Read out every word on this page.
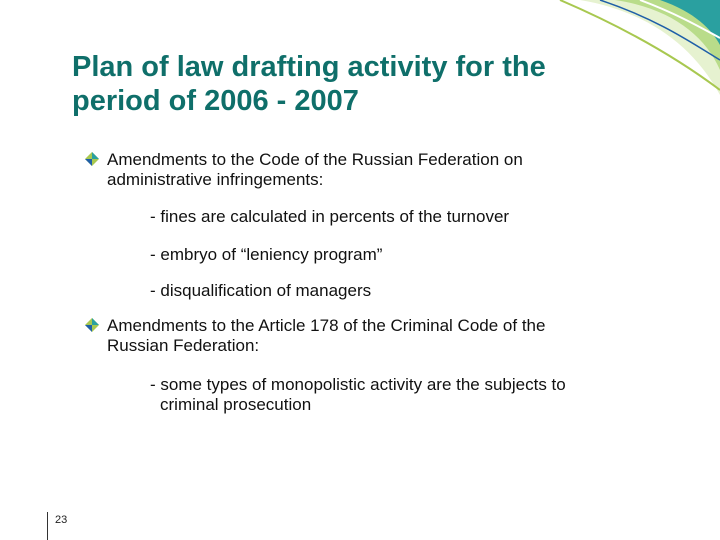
Plan of law drafting activity for the
period of 2006 - 2007
Amendments to the Code of the Russian Federation on
administrative infringements:
- fines are calculated in percents of the turnover
- embryo of “leniency program”
- disqualification of managers
Amendments to the Article 178 of the Criminal Code of the
Russian Federation:
- some types of monopolistic activity are the subjects to
criminal prosecution
23
